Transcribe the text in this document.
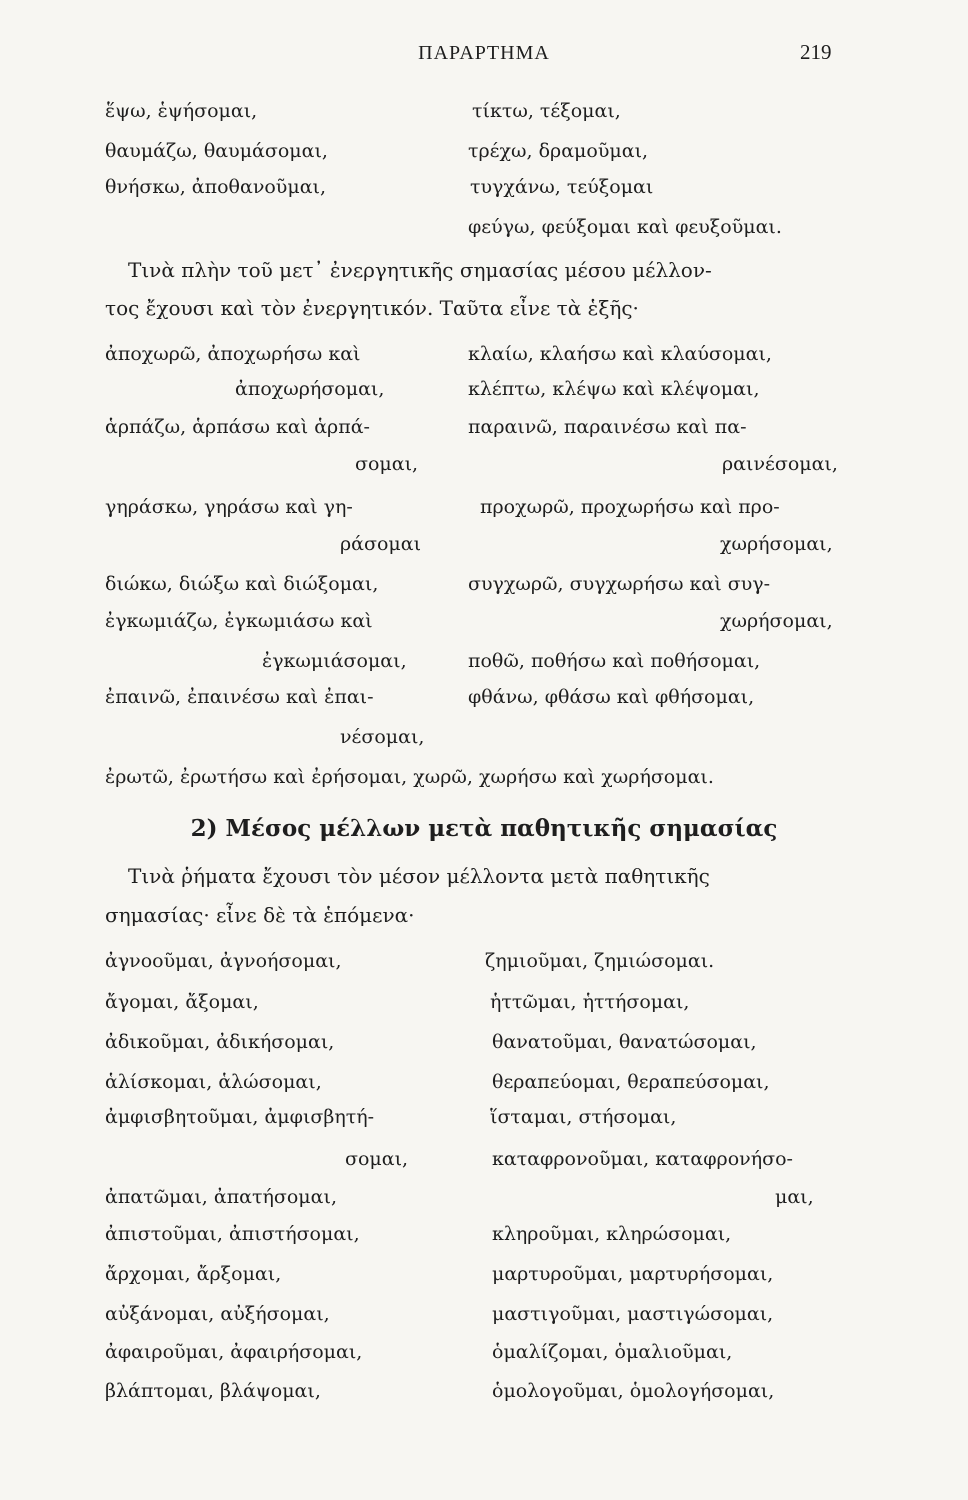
ΠΑΡΑΡΤΗΜΑ	219
ἕψω, ἑψήσομαι,
θαυμάζω, θαυμάσομαι,
θνήσκω, ἀποθανοῦμαι,
τίκτω, τέξομαι,
τρέχω, δραμοῦμαι,
τυγχάνω, τεύξομαι
φεύγω, φεύξομαι καὶ φευξοῦμαι.
Τινὰ πλὴν τοῦ μετ᾽ ἐνεργητικῆς σημασίας μέσου μέλλον-
τος ἔχουσι καὶ τὸν ἐνεργητικόν. Ταῦτα εἶνε τὰ ἑξῆς·
ἀποχωρῶ, ἀποχωρήσω καὶ
ἀποχωρήσομαι,
ἁρπάζω, ἁρπάσω καὶ ἁρπά-
σομαι,
γηράσκω, γηράσω καὶ γη-
ράσομαι
διώκω, διώξω καὶ διώξομαι,
ἐγκωμιάζω, ἐγκωμιάσω καὶ
ἐγκωμιάσομαι,
ἐπαινῶ, ἐπαινέσω καὶ ἐπαι-
νέσομαι,
κλαίω, κλαήσω καὶ κλαύσομαι,
κλέπτω, κλέψω καὶ κλέψομαι,
παραινῶ, παραινέσω καὶ πα-
ραινέσομαι,
προχωρῶ, προχωρήσω καὶ προ-
χωρήσομαι,
συγχωρῶ, συγχωρήσω καὶ συγ-
χωρήσομαι,
ποθῶ, ποθήσω καὶ ποθήσομαι,
φθάνω, φθάσω καὶ φθήσομαι,
ἐρωτῶ, ἐρωτήσω καὶ ἐρήσομαι, χωρῶ, χωρήσω καὶ χωρήσομαι.
2) Μέσος μέλλων μετὰ παθητικῆς σημασίας
Τινὰ ῥήματα ἔχουσι τὸν μέσον μέλλοντα μετὰ παθητικῆς
σημασίας· εἶνε δὲ τὰ ἑπόμενα·
ἀγνοοῦμαι, ἀγνοήσομαι,
ἄγομαι, ἄξομαι,
ἀδικοῦμαι, ἀδικήσομαι,
ἁλίσκομαι, ἁλώσομαι,
ἀμφισβητοῦμαι, ἀμφισβητή-
σομαι,
ἀπατῶμαι, ἀπατήσομαι,
ἀπιστοῦμαι, ἀπιστήσομαι,
ἄρχομαι, ἄρξομαι,
αὐξάνομαι, αὐξήσομαι,
ἀφαιροῦμαι, ἀφαιρήσομαι,
βλάπτομαι, βλάψομαι,
ζημιοῦμαι, ζημιώσομαι.
ἡττῶμαι, ἡττήσομαι,
θανατοῦμαι, θανατώσομαι,
θεραπεύομαι, θεραπεύσομαι,
ἵσταμαι, στήσομαι,
καταφρονοῦμαι, καταφρονήσο-
μαι,
κληροῦμαι, κληρώσομαι,
μαρτυροῦμαι, μαρτυρήσομαι,
μαστιγοῦμαι, μαστιγώσομαι,
ὁμαλίζομαι, ὁμαλιοῦμαι,
ὁμολογοῦμαι, ὁμολογήσομαι,
